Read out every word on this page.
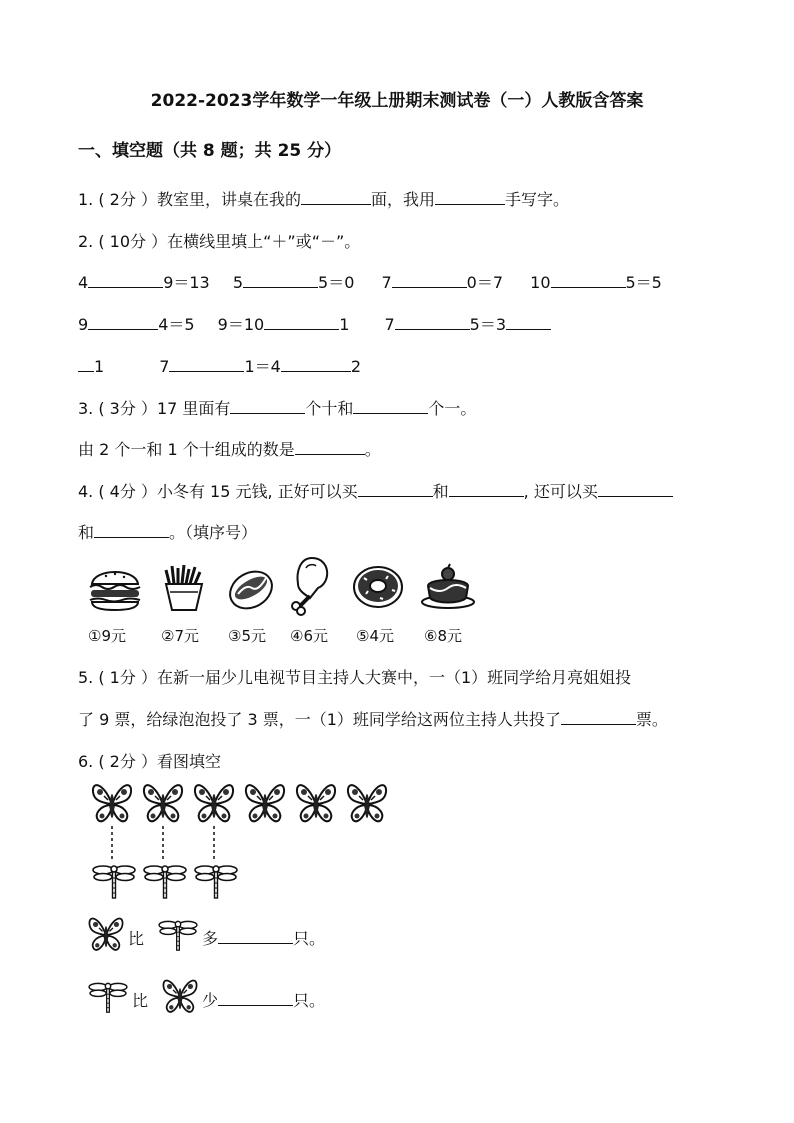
2022-2023学年数学一年级上册期末测试卷（一）人教版含答案
一、填空题（共 8 题；共 25 分）
1. ( 2分 ）教室里，讲桌在我的	面，我用	手写字。
2. ( 10分 ）在横线里填上“＋”或“－”。
4	9＝13 5	5＝0 7	0＝7 10	5＝5
9	4＝5 9＝10	1 7	5＝3
1	7	1＝4	2
3. ( 3分 ）17 里面有	个十和	个一。
由 2 个一和 1 个十组成的数是	。
4. ( 4分 ）小冬有 15 元钱, 正好可以买	和	, 还可以买
和	。（填序号）
①9元 ②7元 ③5元 ④6元 ⑤4元 ⑥8元
5. ( 1分 ）在新一届少儿电视节目主持人大赛中，一（1）班同学给月亮姐姐投
了 9 票，给绿泡泡投了 3 票，一（1）班同学给这两位主持人共投了	票。
6. ( 2分 ）看图填空
比	多	只。
比	少	只。
